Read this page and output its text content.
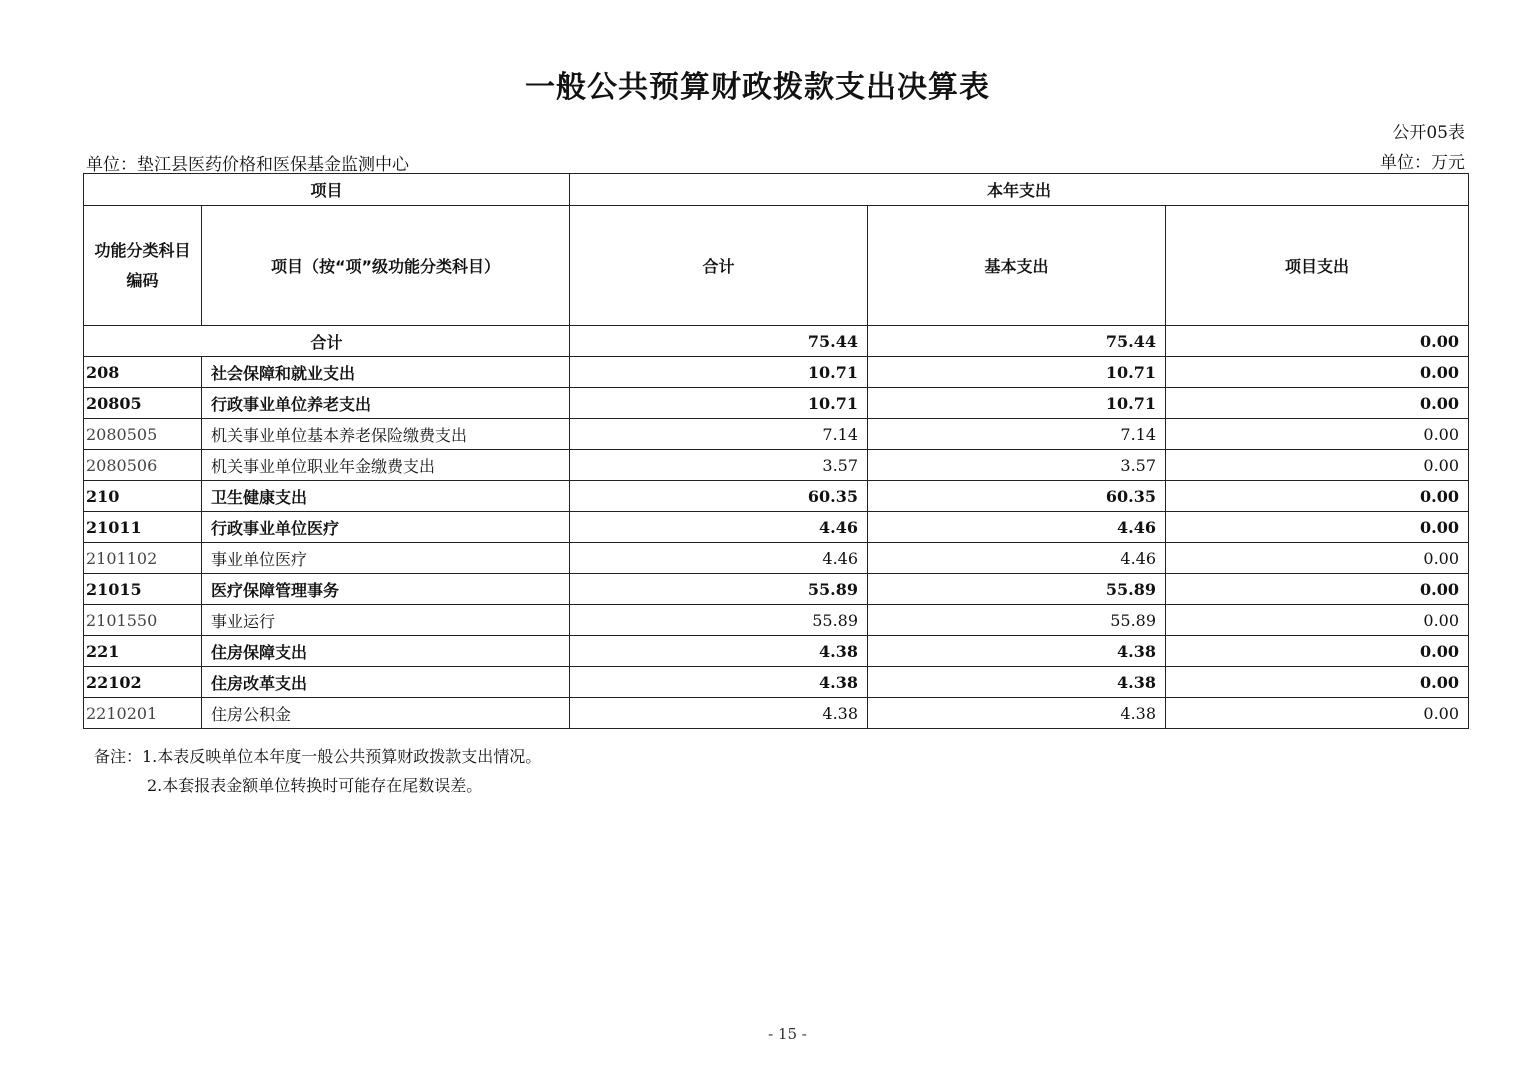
一般公共预算财政拨款支出决算表
公开05表
单位：垫江县医药价格和医保基金监测中心	单位：万元
项目		本年支出		
功能分类科目编码	项目（按“项”级功能分类科目）	合计	基本支出	项目支出
合计		75.44	75.44	0.00
208	社会保障和就业支出	10.71	10.71	0.00
20805	行政事业单位养老支出	10.71	10.71	0.00
2080505	机关事业单位基本养老保险缴费支出	7.14	7.14	0.00
2080506	机关事业单位职业年金缴费支出	3.57	3.57	0.00
210	卫生健康支出	60.35	60.35	0.00
21011	行政事业单位医疗	4.46	4.46	0.00
2101102	事业单位医疗	4.46	4.46	0.00
21015	医疗保障管理事务	55.89	55.89	0.00
2101550	事业运行	55.89	55.89	0.00
221	住房保障支出	4.38	4.38	0.00
22102	住房改革支出	4.38	4.38	0.00
2210201	住房公积金	4.38	4.38	0.00
备注：1.本表反映单位本年度一般公共预算财政拨款支出情况。
2.本套报表金额单位转换时可能存在尾数误差。
- 15 -
